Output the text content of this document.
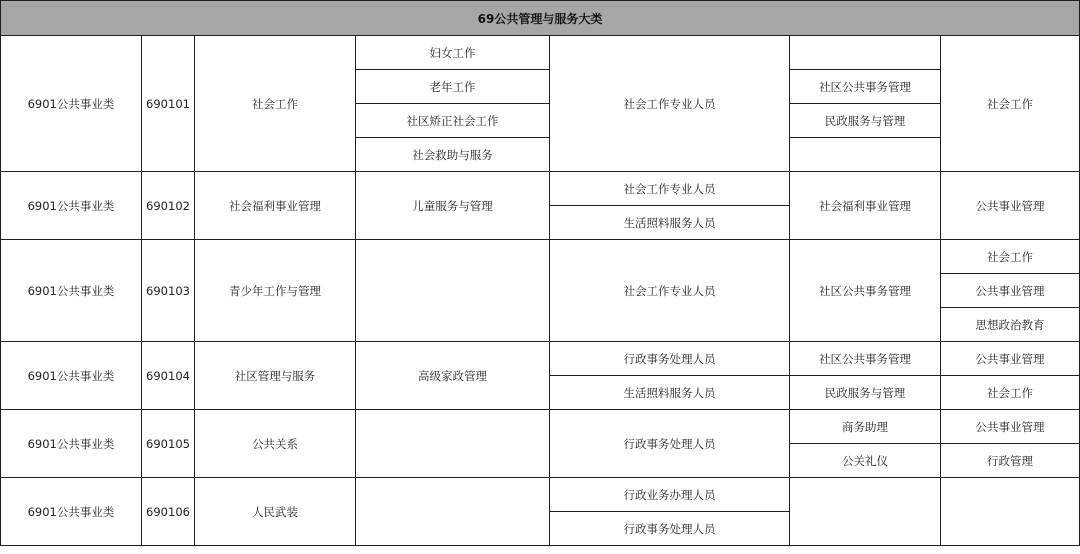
69公共管理与服务大类						
6901公共事业类	690101	社会工作	妇女工作	社会工作专业人员		社会工作
			老年工作		社区公共事务管理	
			社区矫正社会工作		民政服务与管理	
			社会救助与服务			
6901公共事业类	690102	社会福利事业管理	儿童服务与管理	社会工作专业人员	社会福利事业管理	公共事业管理
				生活照料服务人员		
6901公共事业类	690103	青少年工作与管理		社会工作专业人员	社区公共事务管理	社会工作
						公共事业管理
						思想政治教育
6901公共事业类	690104	社区管理与服务	高级家政管理	行政事务处理人员	社区公共事务管理	公共事业管理
				生活照料服务人员	民政服务与管理	社会工作
6901公共事业类	690105	公共关系		行政事务处理人员	商务助理	公共事业管理
					公关礼仪	行政管理
6901公共事业类	690106	人民武装		行政业务办理人员		
				行政事务处理人员		
